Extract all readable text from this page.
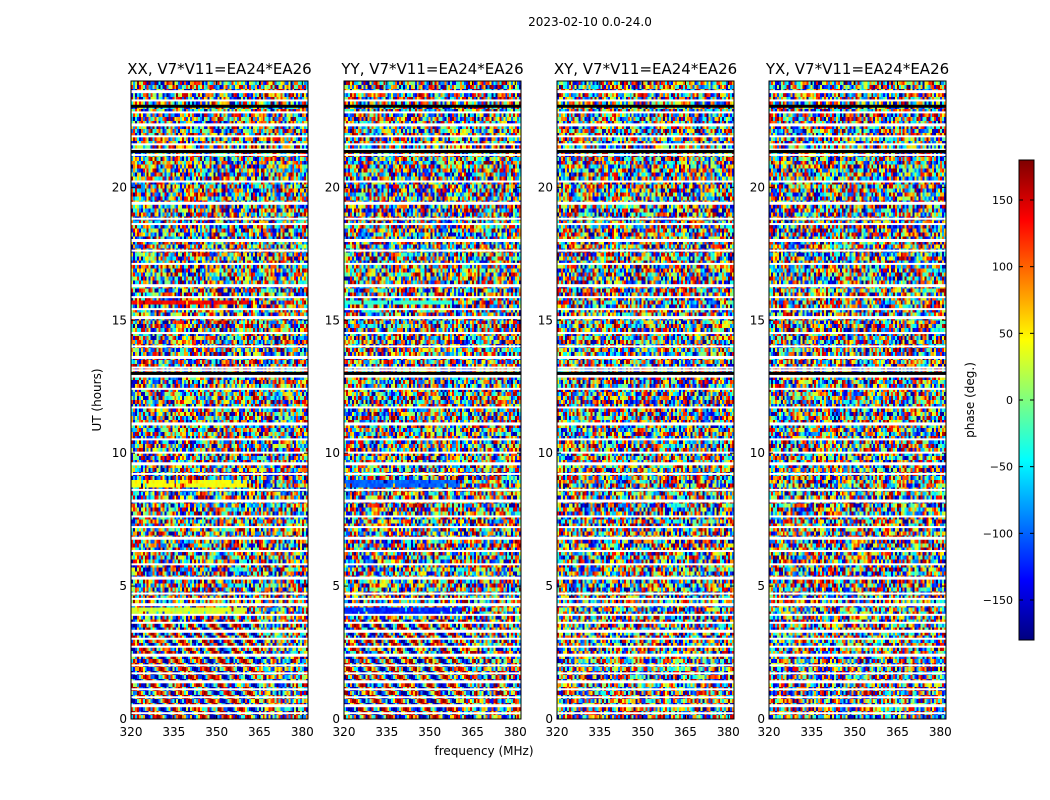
2023-02-10 0.0-24.0
frequency (MHz)
UT (hours)	phase (deg.)
XX, V7*V11=EA24*EA26
320 335 350 365 380
0
5
10
15
20
YY, V7*V11=EA24*EA26
320 335 350 365 380
0
5
10
15
20
XY, V7*V11=EA24*EA26
320 335 350 365 380
0
5
10
15
20
YX, V7*V11=EA24*EA26
320 335 350 365 380
0
5
10
15
20
150
100
50
0
−50
−100
−150
